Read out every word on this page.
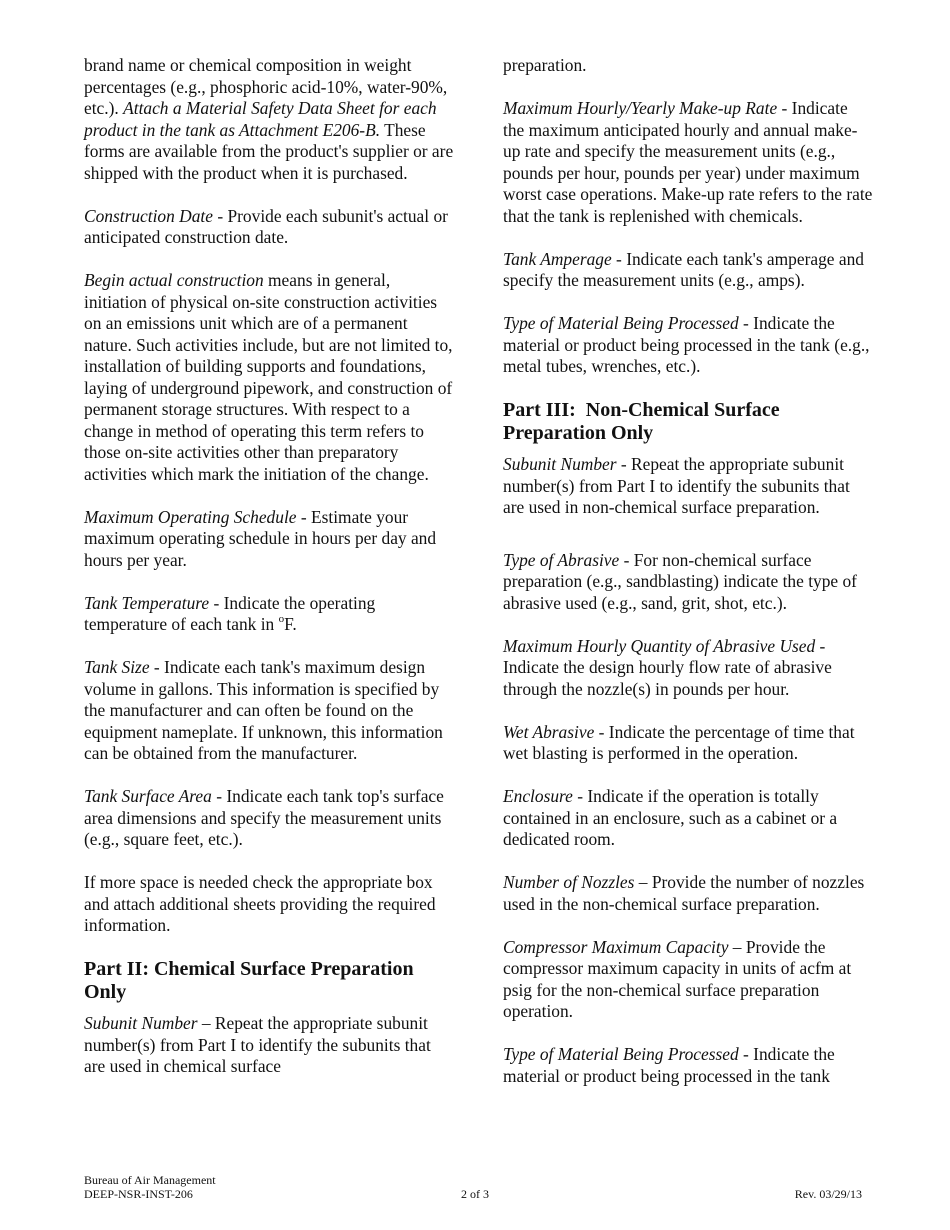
brand name or chemical composition in weight percentages (e.g., phosphoric acid-10%, water-90%, etc.). Attach a Material Safety Data Sheet for each product in the tank as Attachment E206-B. These forms are available from the product's supplier or are shipped with the product when it is purchased.

Construction Date - Provide each subunit's actual or anticipated construction date.

Begin actual construction means in general, initiation of physical on-site construction activities on an emissions unit which are of a permanent nature. Such activities include, but are not limited to, installation of building supports and foundations, laying of underground pipework, and construction of permanent storage structures. With respect to a change in method of operating this term refers to those on-site activities other than preparatory activities which mark the initiation of the change.

Maximum Operating Schedule - Estimate your maximum operating schedule in hours per day and hours per year.

Tank Temperature - Indicate the operating temperature of each tank in $^o$F.

Tank Size - Indicate each tank's maximum design volume in gallons. This information is specified by the manufacturer and can often be found on the equipment nameplate. If unknown, this information can be obtained from the manufacturer.

Tank Surface Area - Indicate each tank top's surface area dimensions and specify the measurement units (e.g., square feet, etc.).

If more space is needed check the appropriate box and attach additional sheets providing the required information.

Part II: Chemical Surface Preparation Only

Subunit Number – Repeat the appropriate subunit number(s) from Part I to identify the subunits that are used in chemical surface

preparation.

Maximum Hourly/Yearly Make-up Rate - Indicate the maximum anticipated hourly and annual make-up rate and specify the measurement units (e.g., pounds per hour, pounds per year) under maximum worst case operations. Make-up rate refers to the rate that the tank is replenished with chemicals.

Tank Amperage - Indicate each tank's amperage and specify the measurement units (e.g., amps).

Type of Material Being Processed - Indicate the material or product being processed in the tank (e.g., metal tubes, wrenches, etc.).

Part III:  Non-Chemical Surface Preparation Only

Subunit Number - Repeat the appropriate subunit number(s) from Part I to identify the subunits that are used in non-chemical surface preparation.

Type of Abrasive - For non-chemical surface preparation (e.g., sandblasting) indicate the type of abrasive used (e.g., sand, grit, shot, etc.).

Maximum Hourly Quantity of Abrasive Used - Indicate the design hourly flow rate of abrasive through the nozzle(s) in pounds per hour.

Wet Abrasive - Indicate the percentage of time that wet blasting is performed in the operation.

Enclosure - Indicate if the operation is totally contained in an enclosure, such as a cabinet or a dedicated room.

Number of Nozzles – Provide the number of nozzles used in the non-chemical surface preparation.

Compressor Maximum Capacity – Provide the compressor maximum capacity in units of acfm at psig for the non-chemical surface preparation operation.

Type of Material Being Processed - Indicate the material or product being processed in the tank

Bureau of Air Management
DEEP-NSR-INST-206	2 of 3	Rev. 03/29/13
